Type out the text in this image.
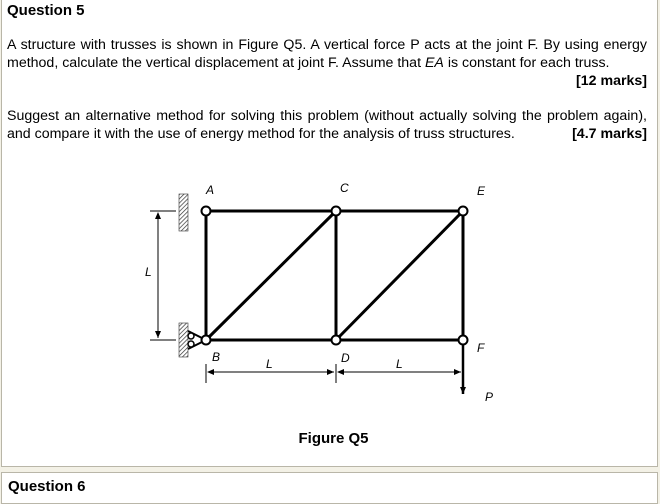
Question 5
A structure with trusses is shown in Figure Q5. A vertical force P acts at the joint F. By using energy method, calculate the vertical displacement at joint F. Assume that EA is constant for each truss.
[12 marks]
Suggest an alternative method for solving this problem (without actually solving the problem again), and compare it with the use of energy method for the analysis of truss structures.	[4.7 marks]
A	C	E
B	D
F
L
L	L
P
Figure Q5
Question 6
